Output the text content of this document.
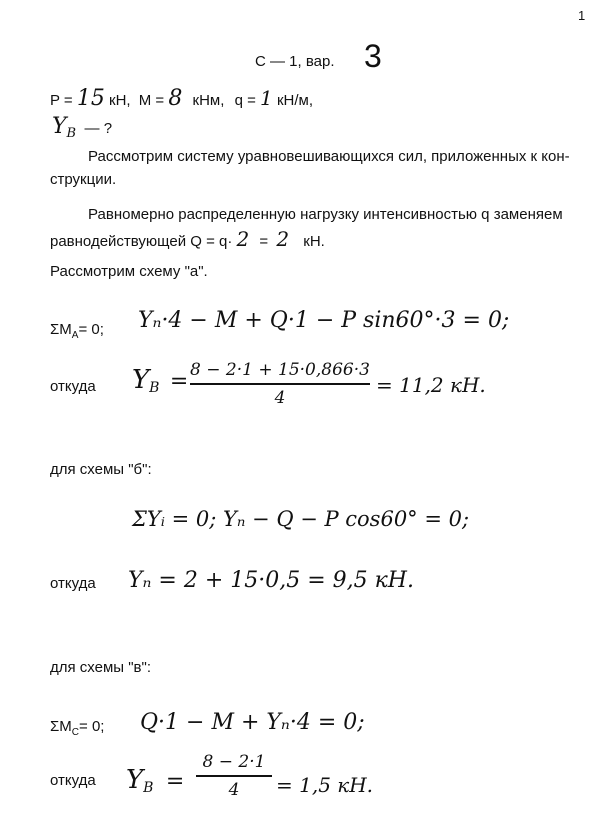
1
С — 1, вар. 3
P = 15 кН, M = 8 кНм, q = 1 кН/м,
$Y_B$ — ?
Рассмотрим систему уравновешивающихся сил, приложенных к кон-
струкции.
Равномерно распределенную нагрузку интенсивностью q заменяем
равнодействующей Q = q· 2 = 2 кН.
Рассмотрим схему "а".
$\Sigma M_A= 0$; Yₙ·4 − M + Q·1 − P sin60°·3 = 0;
откуда YB = 8 − 2·1 + 15·0,866·3
4
= 11,2 кН.
для схемы "б":
ΣYᵢ = 0; Yₙ − Q − P cos60° = 0;
откуда Yₙ = 2 + 15·0,5 = 9,5 кН.
для схемы "в":
$\Sigma M_C= 0$; Q·1 − M + Yₙ·4 = 0;
откуда YB =
8 − 2·1
4 = 1,5 кН.
